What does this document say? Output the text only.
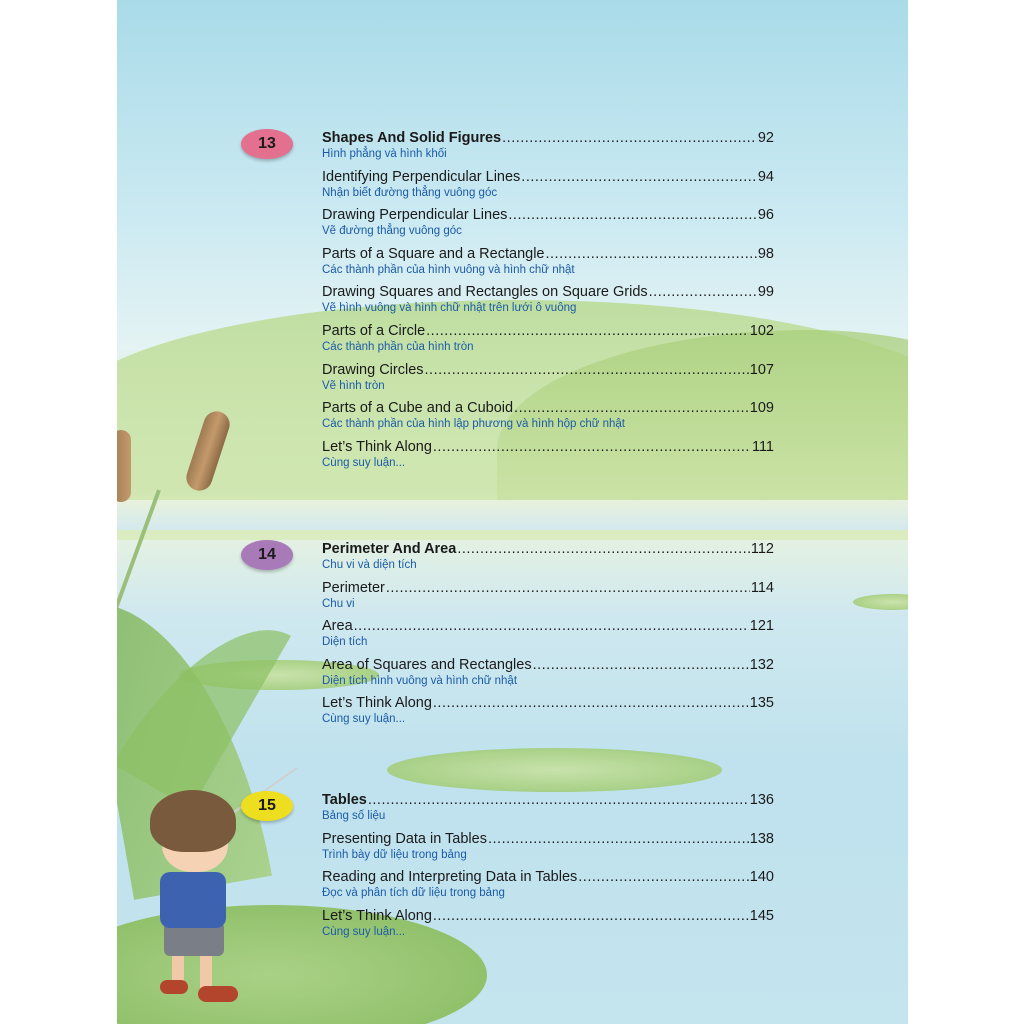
13	Shapes And Solid Figures .....	92
Hình phẳng và hình khối
Identifying Perpendicular Lines .....	94
Nhận biết đường thẳng vuông góc
Drawing Perpendicular Lines .....	96
Vẽ đường thẳng vuông góc
Parts of a Square and a Rectangle .....	98
Các thành phần của hình vuông và hình chữ nhật
Drawing Squares and Rectangles on Square Grids .....	99
Vẽ hình vuông và hình chữ nhật trên lưới ô vuông
Parts of a Circle .....	102
Các thành phần của hình tròn
Drawing Circles .....	107
Vẽ hình tròn
Parts of a Cube and a Cuboid .....	109
Các thành phần của hình lập phương và hình hộp chữ nhật
Let’s Think Along .....	111
Cùng suy luận...
14	Perimeter And Area .....	112
Chu vi và diện tích
Perimeter .....	114
Chu vi
Area .....	121
Diện tích
Area of Squares and Rectangles .....	132
Diện tích hình vuông và hình chữ nhật
Let’s Think Along .....	135
Cùng suy luận...
15	Tables .....	136
Bảng số liệu
Presenting Data in Tables .....	138
Trình bày dữ liệu trong bảng
Reading and Interpreting Data in Tables .....	140
Đọc và phân tích dữ liệu trong bảng
Let’s Think Along .....	145
Cùng suy luận...
